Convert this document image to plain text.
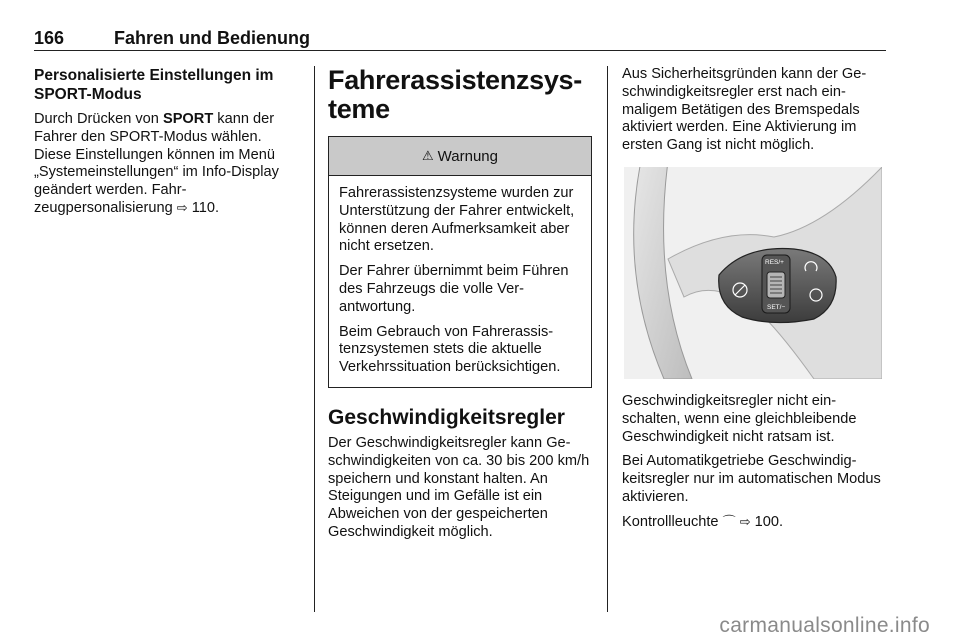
166	Fahren und Bedienung
Personalisierte Einstellungen im SPORT-Modus

Durch Drücken von SPORT kann der Fahrer den SPORT-Modus wählen. Diese Einstellungen können im Menü „Systemeinstellungen“ im Info-Display geändert werden. Fahrzeugpersonalisierung ⇨ 110.

Fahrerassistenzsys-
teme
⚠ Warnung

Fahrerassistenzsysteme wurden zur Unterstützung der Fahrer entwickelt, können deren Aufmerksamkeit aber nicht ersetzen.

Der Fahrer übernimmt beim Führen des Fahrzeugs die volle Verantwortung.

Beim Gebrauch von Fahrerassistenzsystemen stets die aktuelle Verkehrssituation berücksichtigen.

Geschwindigkeitsregler

Der Geschwindigkeitsregler kann Geschwindigkeiten von ca. 30 bis 200 km/h speichern und konstant halten. An Steigungen und im Gefälle ist ein Abweichen von der gespeicherten Geschwindigkeit möglich.

Aus Sicherheitsgründen kann der Geschwindigkeitsregler erst nach einmaligem Betätigen des Bremspedals aktiviert werden. Eine Aktivierung im ersten Gang ist nicht möglich.

RES/+
SET/−

Geschwindigkeitsregler nicht einschalten, wenn eine gleichbleibende Geschwindigkeit nicht ratsam ist.

Bei Automatikgetriebe Geschwindigkeitsregler nur im automatischen Modus aktivieren.

Kontrollleuchte ⌒ ⇨ 100.

carmanualsonline.info
